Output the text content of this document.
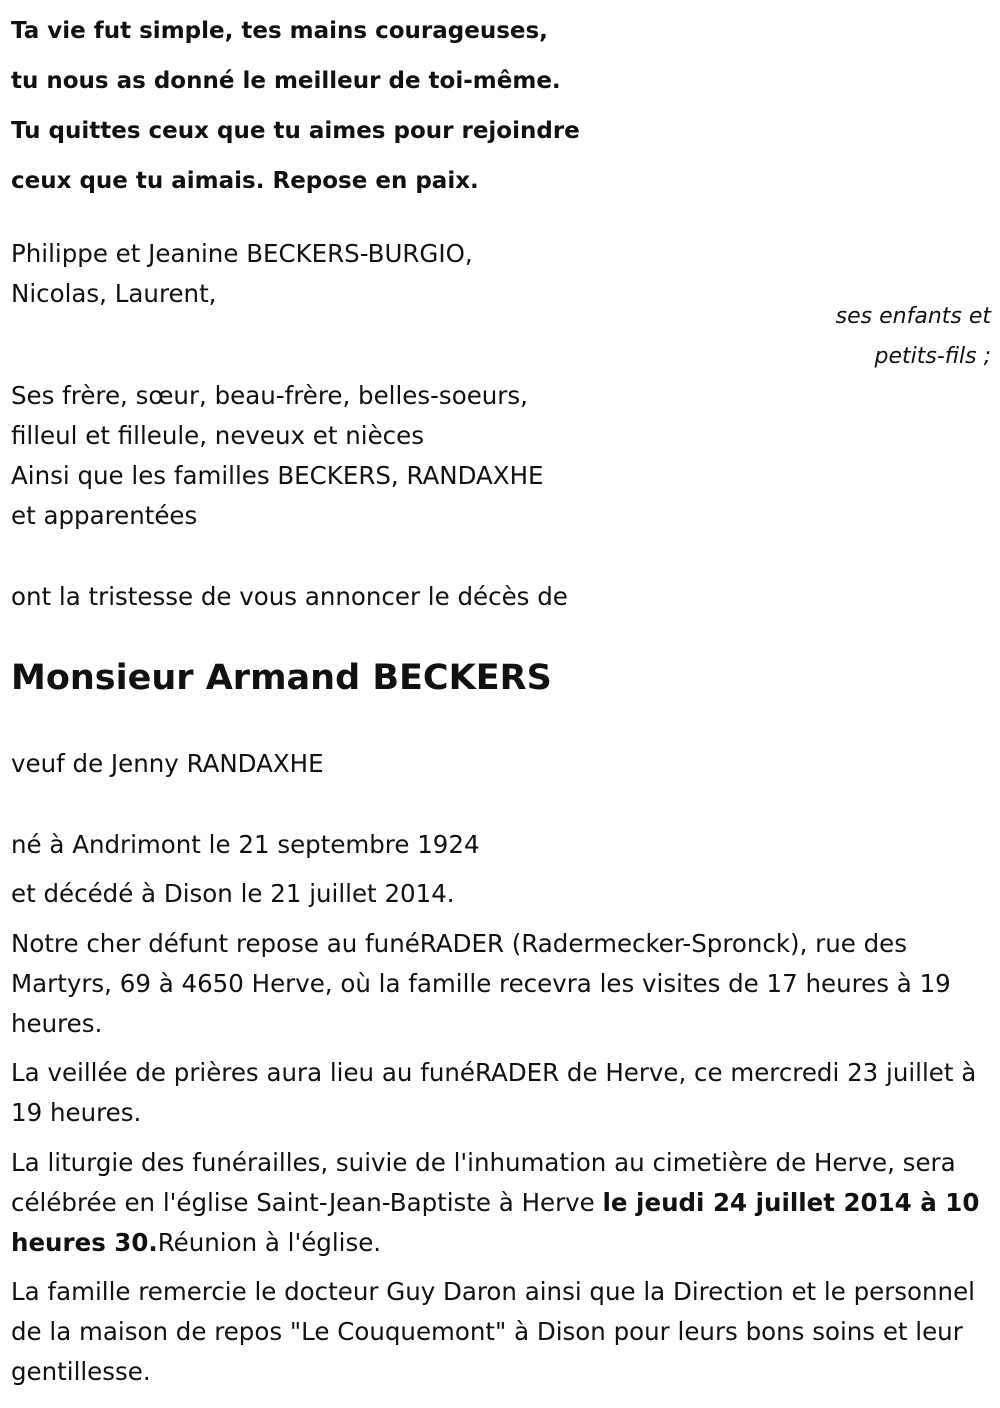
Ta vie fut simple, tes mains courageuses,
tu nous as donné le meilleur de toi-même.
Tu quittes ceux que tu aimes pour rejoindre
ceux que tu aimais. Repose en paix.
Philippe et Jeanine BECKERS-BURGIO,
Nicolas, Laurent,
ses enfants et
petits-fils ;
Ses frère, sœur, beau-frère, belles-soeurs,
filleul et filleule, neveux et nièces
Ainsi que les familles BECKERS, RANDAXHE
et apparentées
ont la tristesse de vous annoncer le décès de
Monsieur Armand BECKERS
veuf de Jenny RANDAXHE
né à Andrimont le 21 septembre 1924
et décédé à Dison le 21 juillet 2014.
Notre cher défunt repose au funéRADER (Radermecker-Spronck), rue des Martyrs, 69 à 4650 Herve, où la famille recevra les visites de 17 heures à 19 heures.
La veillée de prières aura lieu au funéRADER de Herve, ce mercredi 23 juillet à 19 heures.
La liturgie des funérailles, suivie de l'inhumation au cimetière de Herve, sera célébrée en l'église Saint-Jean-Baptiste à Herve le jeudi 24 juillet 2014 à 10 heures 30.Réunion à l'église.
La famille remercie le docteur Guy Daron ainsi que la Direction et le personnel de la maison de repos "Le Couquemont" à Dison pour leurs bons soins et leur gentillesse.
